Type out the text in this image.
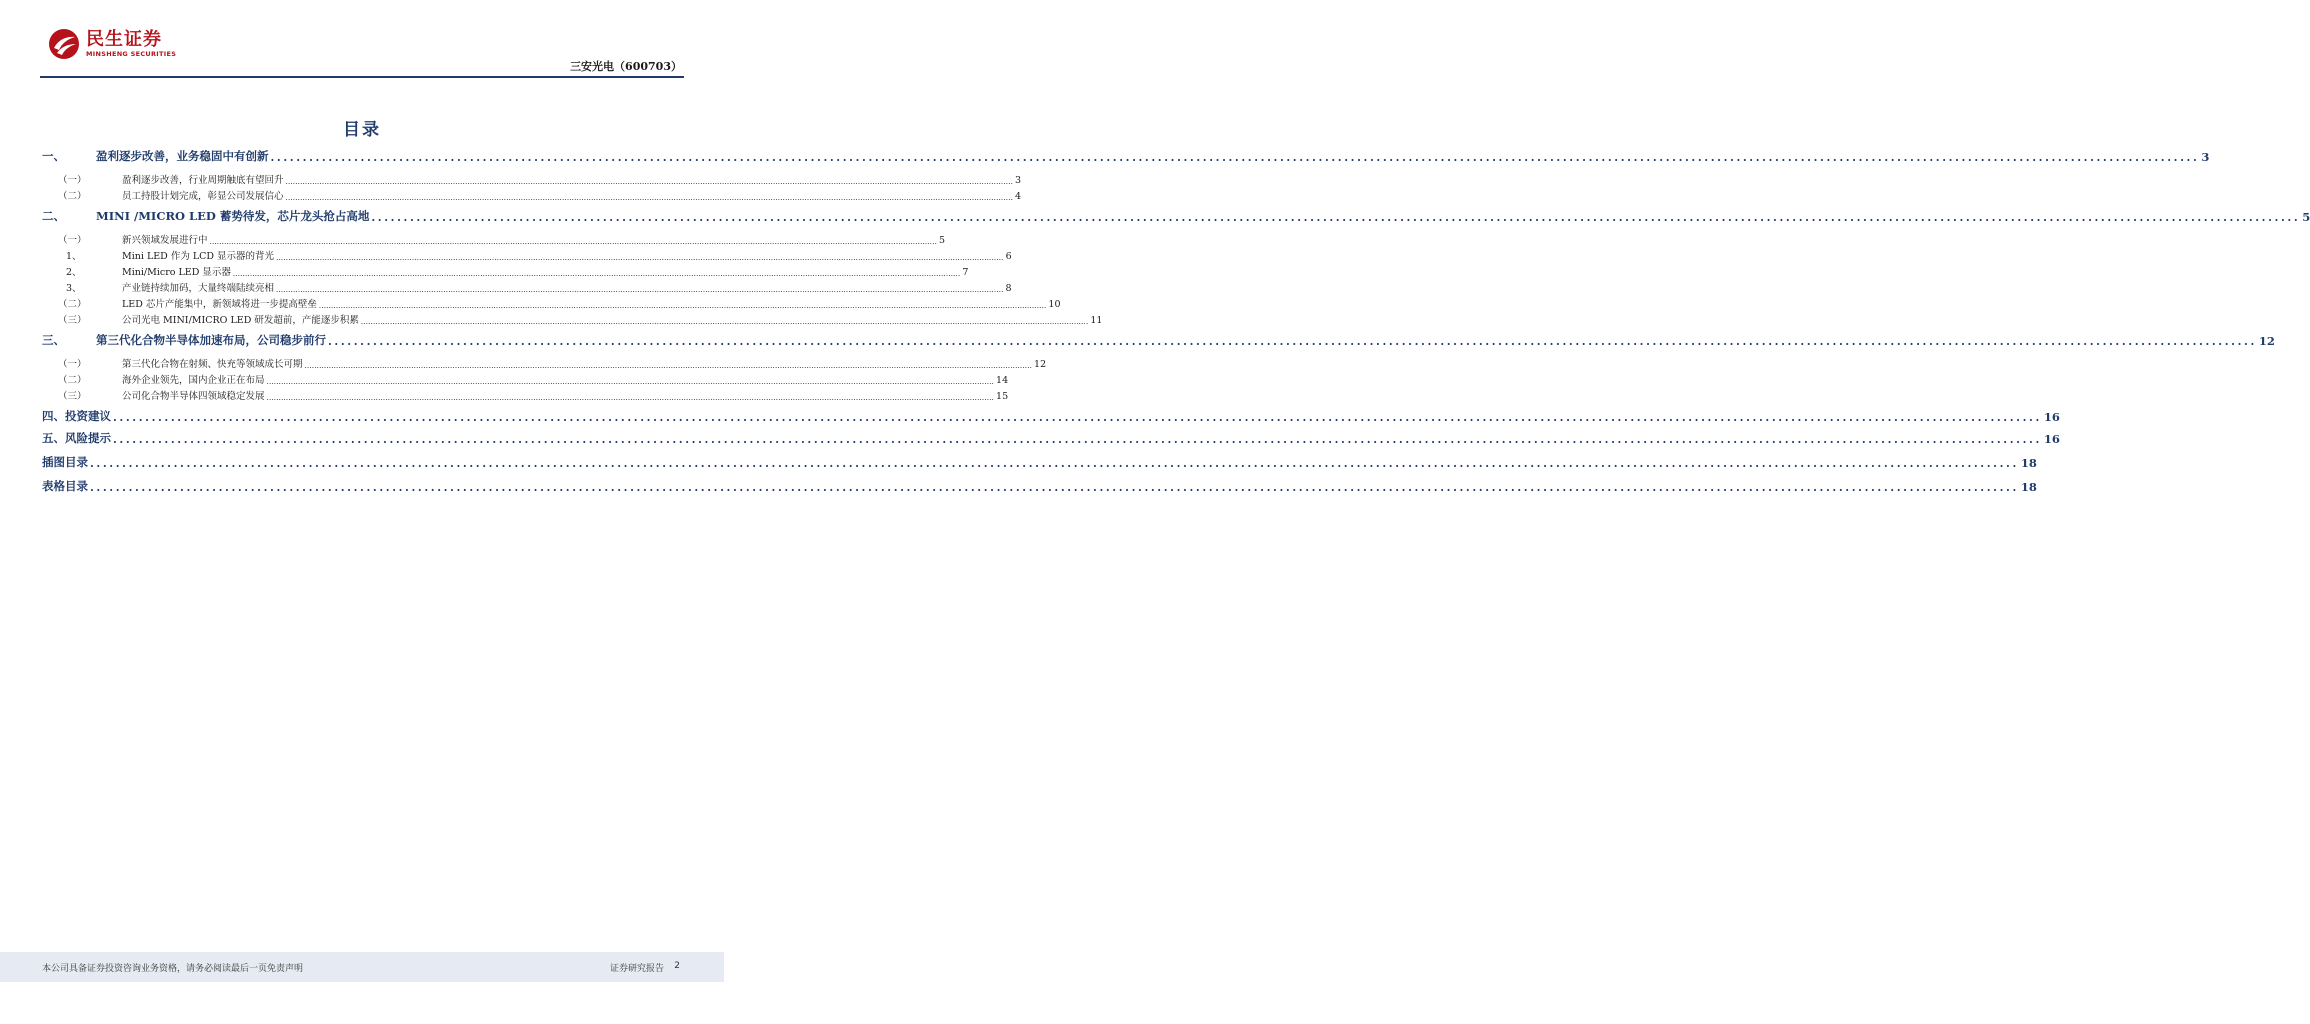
民生证券
MINSHENG SECURITIES
三安光电（600703）
目录
一、	盈利逐步改善，业务稳固中有创新 ............................................................................................................................................................................................................................................................................................................ 3
（一）	盈利逐步改善，行业周期触底有望回升 ............................................................................................................................................................................................................................................................................................................ 3
（二）	员工持股计划完成，彰显公司发展信心 ............................................................................................................................................................................................................................................................................................................ 4
二、	MINI /MICRO LED 蓄势待发，芯片龙头抢占高地 ............................................................................................................................................................................................................................................................................................................ 5
（一）	新兴领域发展进行中 ............................................................................................................................................................................................................................................................................................................ 5
1、	Mini LED 作为 LCD 显示器的背光 ............................................................................................................................................................................................................................................................................................................ 6
2、	Mini/Micro LED 显示器 ............................................................................................................................................................................................................................................................................................................ 7
3、	产业链持续加码，大量终端陆续亮相 ............................................................................................................................................................................................................................................................................................................ 8
（二）	LED 芯片产能集中，新领域将进一步提高壁垒 ............................................................................................................................................................................................................................................................................................................ 10
（三）	公司光电 MINI/MICRO LED 研发超前，产能逐步积累 ............................................................................................................................................................................................................................................................................................................ 11
三、	第三代化合物半导体加速布局，公司稳步前行 ............................................................................................................................................................................................................................................................................................................ 12
（一）	第三代化合物在射频、快充等领域成长可期 ............................................................................................................................................................................................................................................................................................................ 12
（二）	海外企业领先，国内企业正在布局 ............................................................................................................................................................................................................................................................................................................ 14
（三）	公司化合物半导体四领域稳定发展 ............................................................................................................................................................................................................................................................................................................ 15
四、投资建议 ............................................................................................................................................................................................................................................................................................................ 16
五、风险提示 ............................................................................................................................................................................................................................................................................................................ 16
插图目录 ............................................................................................................................................................................................................................................................................................................ 18
表格目录 ............................................................................................................................................................................................................................................................................................................ 18
本公司具备证券投资咨询业务资格，请务必阅读最后一页免责声明	证券研究报告 2
